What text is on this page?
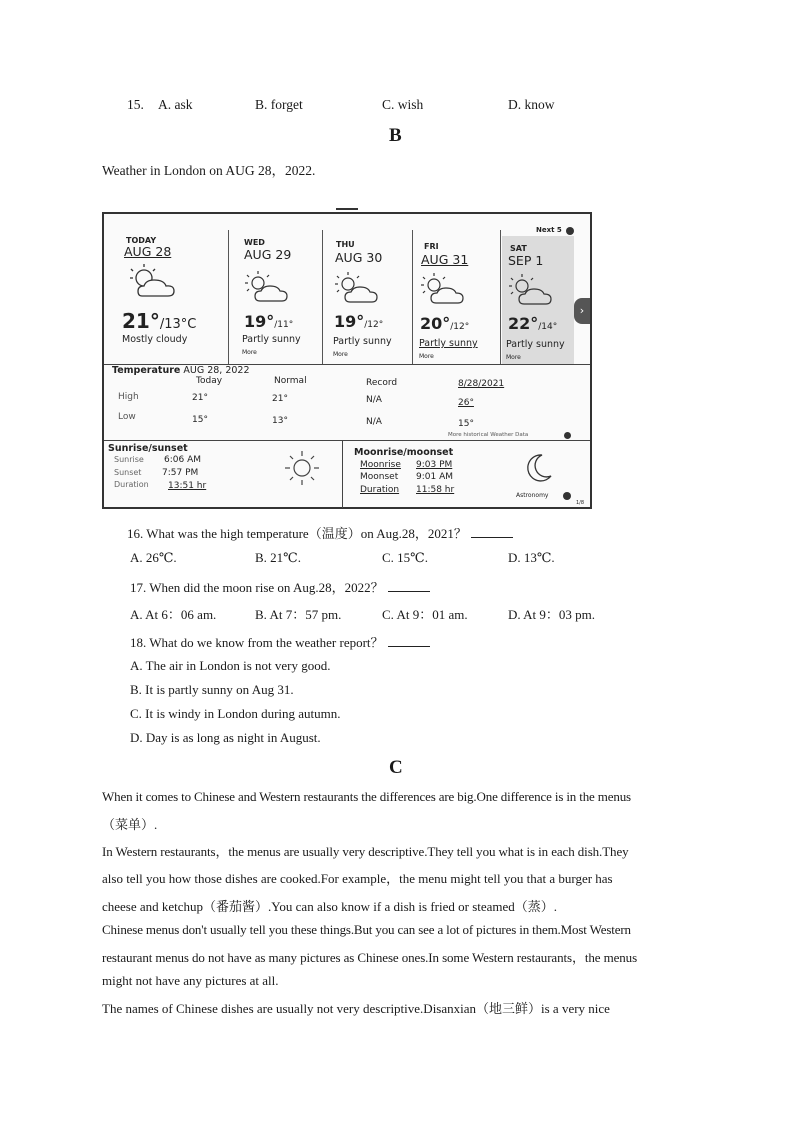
15. A. ask	B. forget	C. wish	D. know
B
Weather in London on AUG 28，2022.
Next 5
›
TODAY
AUG 28
21°/13°C
Mostly cloudy
WED
AUG 29
19°/11°
Partly sunny
More
THU
AUG 30
19°/12°
Partly sunny
More
FRI
AUG 31
20°/12°
Partly sunny
More
SAT
SEP 1
22°/14°
Partly sunny
More
Temperature AUG 28, 2022
Today	Normal	Record	8/28/2021
High	21°	21°	N/A	26°
Low	15°	13°	N/A	15°
More historical Weather Data
Sunrise/sunset
Sunrise 6:06 AM
Sunset 7:57 PM
Duration 13:51 hr
Moonrise/moonset
Moonrise 9:03 PM
Moonset 9:01 AM
Duration 11:58 hr
Astronomy
1/8
16. What was the high temperature（温度）on Aug.28，2021？
A. 26℃.	B. 21℃.	C. 15℃.	D. 13℃.
17. When did the moon rise on Aug.28，2022？
A. At 6：06 am.	B. At 7：57 pm.	C. At 9：01 am.	D. At 9：03 pm.
18. What do we know from the weather report？
A. The air in London is not very good.
B. It is partly sunny on Aug 31.
C. It is windy in London during autumn.
D. Day is as long as night in August.
C
When it comes to Chinese and Western restaurants the differences are big.One difference is in the menus
（菜单）.
In Western restaurants，the menus are usually very descriptive.They tell you what is in each dish.They
also tell you how those dishes are cooked.For example，the menu might tell you that a burger has
cheese and ketchup（番茄酱）.You can also know if a dish is fried or steamed（蒸）.
Chinese menus don't usually tell you these things.But you can see a lot of pictures in them.Most Western
restaurant menus do not have as many pictures as Chinese ones.In some Western restaurants，the menus
might not have any pictures at all.
The names of Chinese dishes are usually not very descriptive.Disanxian（地三鲜）is a very nice
